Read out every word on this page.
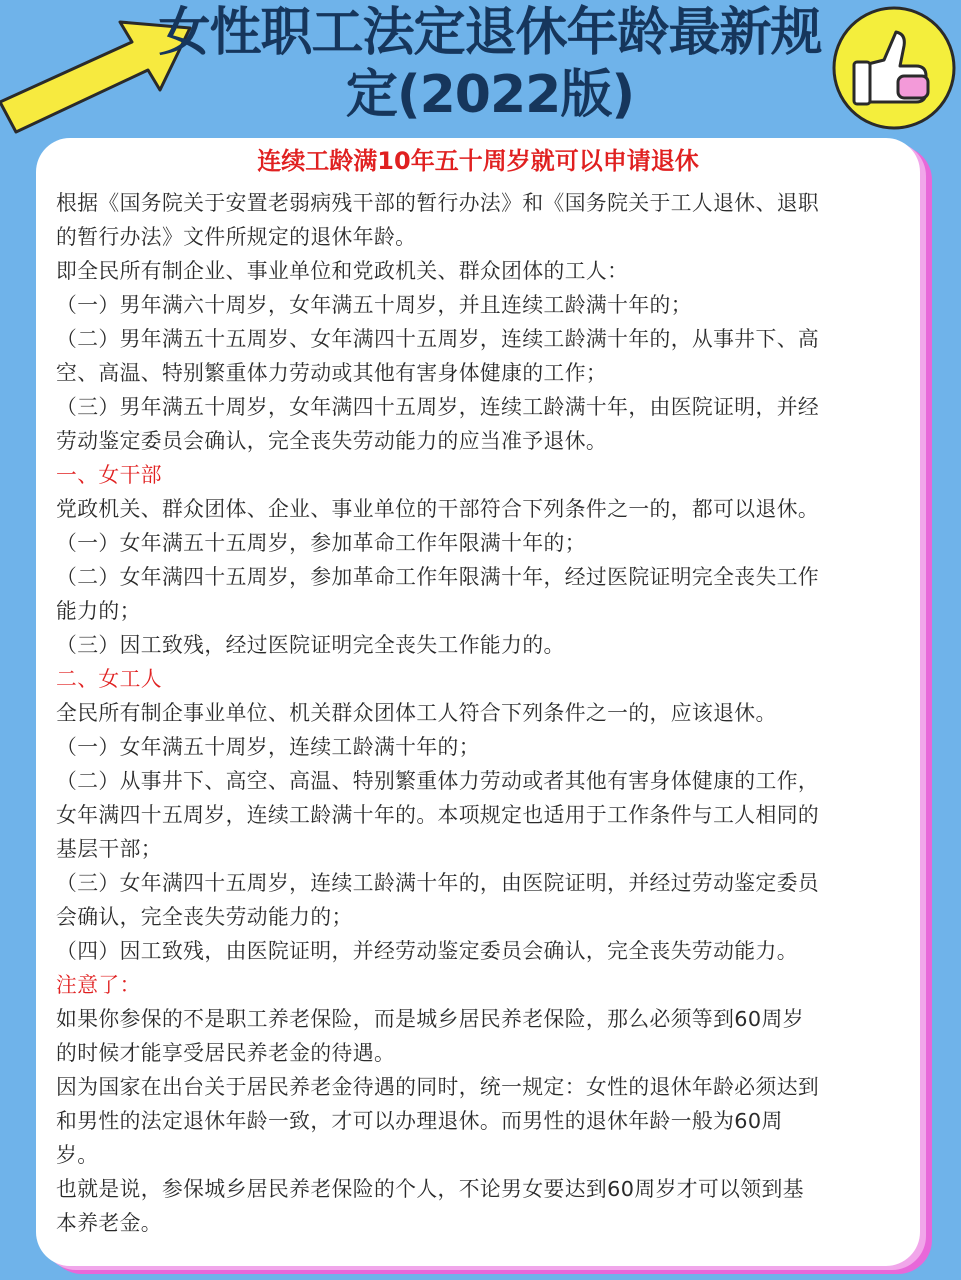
女性职工法定退休年龄最新规
定(2022版)
连续工龄满10年五十周岁就可以申请退休

根据《国务院关于安置老弱病残干部的暂行办法》和《国务院关于工人退休、退职

的暂行办法》文件所规定的退休年龄。

即全民所有制企业、事业单位和党政机关、群众团体的工人：

（一）男年满六十周岁，女年满五十周岁，并且连续工龄满十年的；

（二）男年满五十五周岁、女年满四十五周岁，连续工龄满十年的，从事井下、高

空、高温、特别繁重体力劳动或其他有害身体健康的工作；

（三）男年满五十周岁，女年满四十五周岁，连续工龄满十年，由医院证明，并经

劳动鉴定委员会确认，完全丧失劳动能力的应当准予退休。

一、女干部

党政机关、群众团体、企业、事业单位的干部符合下列条件之一的，都可以退休。

（一）女年满五十五周岁，参加革命工作年限满十年的；

（二）女年满四十五周岁，参加革命工作年限满十年，经过医院证明完全丧失工作

能力的；

（三）因工致残，经过医院证明完全丧失工作能力的。

二、女工人

全民所有制企事业单位、机关群众团体工人符合下列条件之一的，应该退休。

（一）女年满五十周岁，连续工龄满十年的；

（二）从事井下、高空、高温、特别繁重体力劳动或者其他有害身体健康的工作，

女年满四十五周岁，连续工龄满十年的。本项规定也适用于工作条件与工人相同的

基层干部；

（三）女年满四十五周岁，连续工龄满十年的，由医院证明，并经过劳动鉴定委员

会确认，完全丧失劳动能力的；

（四）因工致残，由医院证明，并经劳动鉴定委员会确认，完全丧失劳动能力。

注意了：

如果你参保的不是职工养老保险，而是城乡居民养老保险，那么必须等到60周岁

的时候才能享受居民养老金的待遇。

因为国家在出台关于居民养老金待遇的同时，统一规定：女性的退休年龄必须达到

和男性的法定退休年龄一致，才可以办理退休。而男性的退休年龄一般为60周

岁。

也就是说，参保城乡居民养老保险的个人，不论男女要达到60周岁才可以领到基

本养老金。
